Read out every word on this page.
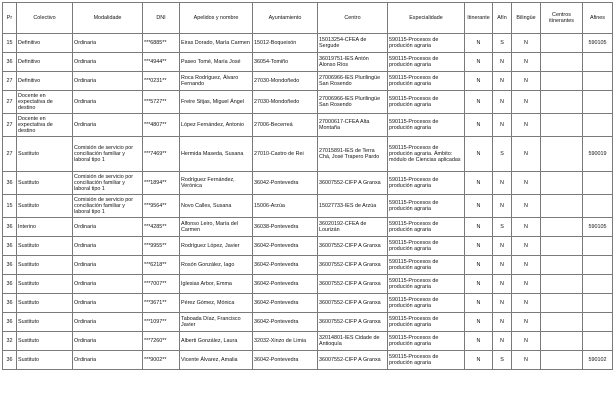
Pr	Colectivo	Modalidade	DNI	Apelidos y nombre	Ayuntamiento	Centro	Especialidade	Itinerante	Afín	Bilingüe	Centros itinerantes	Afines
15	Definitivo	Ordinaria	***6885**	Eiras Dorado, María Carmen	15012-Boqueixón	15013254-CFEA de Sergude	590115-Procesos de produción agraria	N	S	N		590105
36	Definitivo	Ordinaria	***4944**	Paseo Tomé, María José	36054-Tomiño	36019751-IES Antón Alonso Ríos	590115-Procesos de produción agraria	N	N	N		
27	Definitivo	Ordinaria	***0231**	Roca Rodríguez, Álvaro Fernando	27030-Mondoñedo	27006966-IES Plurilingüe San Rosendo	590115-Procesos de produción agraria	N	N	N		
27	Docente en expectativa de destino	Ordinaria	***5727**	Freire Sitjas, Miguel Ángel	27030-Mondoñedo	27006966-IES Plurilingüe San Rosendo	590115-Procesos de produción agraria	N	N	N		
27	Docente en expectativa de destino	Ordinaria	***4807**	López Fernández, Antonio	27006-Becerreá	27000617-CFEA Alta Montaña	590115-Procesos de produción agraria	N	N	N		
27	Sustituto	Comisión de servicio por conciliación familiar y laboral tipo 1	***7469**	Hermida Maseda, Susana	27010-Castro de Rei	27015891-IES de Terra Chá, José Trapero Pardo	590115-Procesos de produción agraria. Ámbito: módulo de Ciencias aplicadas	N	S	N		590019
36	Sustituto	Comisión de servicio por conciliación familiar y laboral tipo 1	***1894**	Rodríguez Fernández, Verónica	36042-Pontevedra	36007552-CIFP A Granxa	590115-Procesos de produción agraria	N	N	N		
15	Sustituto	Comisión de servicio por conciliación familiar y laboral tipo 1	***9564**	Novo Calles, Susana	15006-Arzúa	15027733-IES de Arzúa	590115-Procesos de produción agraria	N	N	N		
36	Interino	Ordinaria	***4285**	Alfonso Leiro, María del Carmen	36038-Pontevedra	36020192-CFEA de Lourizán	590115-Procesos de produción agraria	N	S	N		590105
36	Sustituto	Ordinaria	***9955**	Rodríguez López, Javier	36042-Pontevedra	36007552-CIFP A Granxa	590115-Procesos de produción agraria	N	N	N		
36	Sustituto	Ordinaria	***6218**	Rosón González, Iago	36042-Pontevedra	36007552-CIFP A Granxa	590115-Procesos de produción agraria	N	N	N		
36	Sustituto	Ordinaria	***7007**	Iglesias Arbor, Emma	36042-Pontevedra	36007552-CIFP A Granxa	590115-Procesos de produción agraria	N	N	N		
36	Sustituto	Ordinaria	***3671**	Pérez Gómez, Mónica	36042-Pontevedra	36007552-CIFP A Granxa	590115-Procesos de produción agraria	N	N	N		
36	Sustituto	Ordinaria	***1097**	Taboada Díaz, Francisco Javier	36042-Pontevedra	36007552-CIFP A Granxa	590115-Procesos de produción agraria	N	N	N		
32	Sustituto	Ordinaria	***7260**	Alberti González, Laura	32032-Xinzo de Limia	32014801-IES Cidade de Antioquía	590115-Procesos de produción agraria	N	N	N		
36	Sustituto	Ordinaria	***9002**	Vicente Álvarez, Amalia	36042-Pontevedra	36007552-CIFP A Granxa	590115-Procesos de produción agraria	N	S	N		590102
